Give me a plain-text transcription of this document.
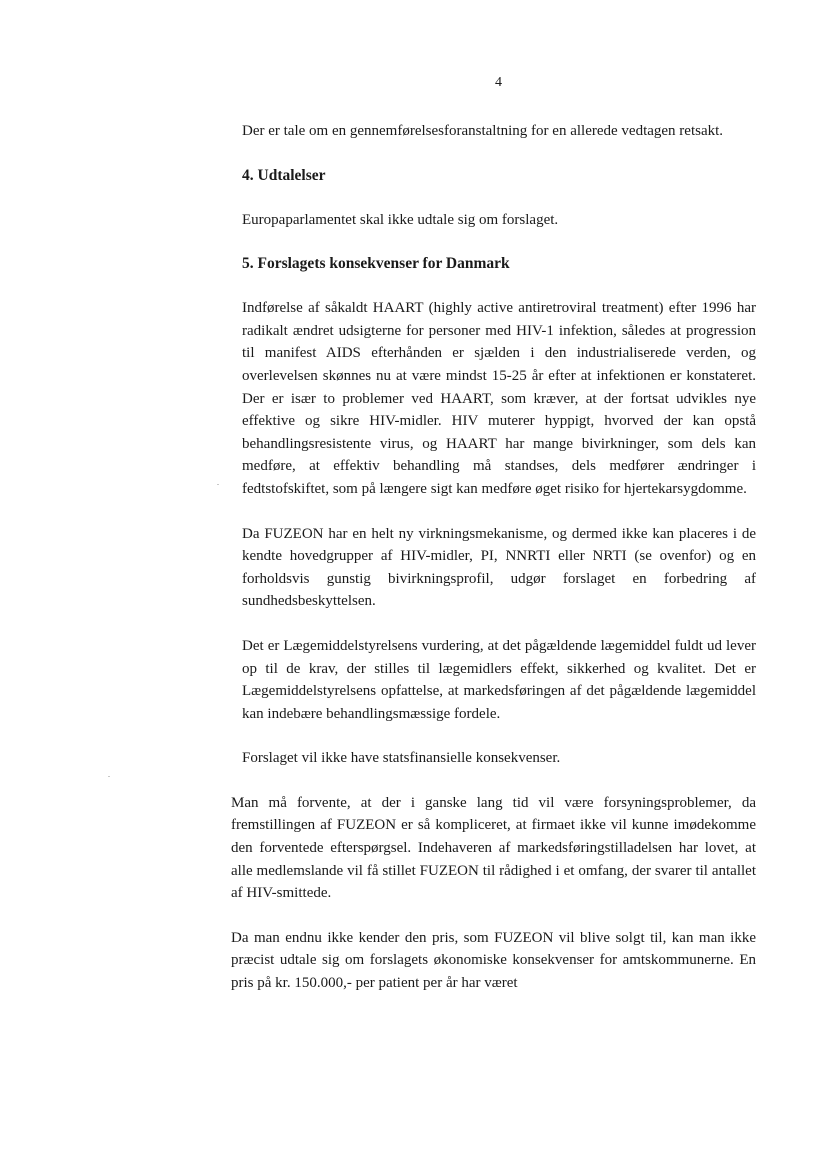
4

Der er tale om en gennemførelsesforanstaltning for en allerede vedtagen retsakt.

4. Udtalelser

Europaparlamentet skal ikke udtale sig om forslaget.

5. Forslagets konsekvenser for Danmark

Indførelse af såkaldt HAART (highly active antiretroviral treatment) efter 1996 har radikalt ændret udsigterne for personer med HIV-1 infektion, således at progression til manifest AIDS efterhånden er sjælden i den industrialiserede verden, og overlevelsen skønnes nu at være mindst 15-25 år efter at infektionen er konstateret. Der er især to problemer ved HAART, som kræver, at der fortsat udvikles nye effektive og sikre HIV-midler. HIV muterer hyppigt, hvorved der kan opstå behandlingsresistente virus, og HAART har mange bivirkninger, som dels kan medføre, at effektiv behandling må standses, dels medfører ændringer i fedtstofskiftet, som på længere sigt kan medføre øget risiko for hjertekarsygdomme.

Da FUZEON har en helt ny virkningsmekanisme, og dermed ikke kan placeres i de kendte hovedgrupper af HIV-midler, PI, NNRTI eller NRTI (se ovenfor) og en forholdsvis gunstig bivirkningsprofil, udgør forslaget en forbedring af sundhedsbeskyttelsen.

Det er Lægemiddelstyrelsens vurdering, at det pågældende lægemiddel fuldt ud lever op til de krav, der stilles til lægemidlers effekt, sikkerhed og kvalitet. Det er Lægemiddelstyrelsens opfattelse, at markedsføringen af det pågældende lægemiddel kan indebære behandlingsmæssige fordele.

Forslaget vil ikke have statsfinansielle konsekvenser.

Man må forvente, at der i ganske lang tid vil være forsyningsproblemer, da fremstillingen af FUZEON er så kompliceret, at firmaet ikke vil kunne imødekomme den forventede efterspørgsel. Indehaveren af markedsføringstilladelsen har lovet, at alle medlemslande vil få stillet FUZEON til rådighed i et omfang, der svarer til antallet af HIV-smittede.

Da man endnu ikke kender den pris, som FUZEON vil blive solgt til, kan man ikke præcist udtale sig om forslagets økonomiske konsekvenser for amtskommunerne. En pris på kr. 150.000,- per patient per år har været
